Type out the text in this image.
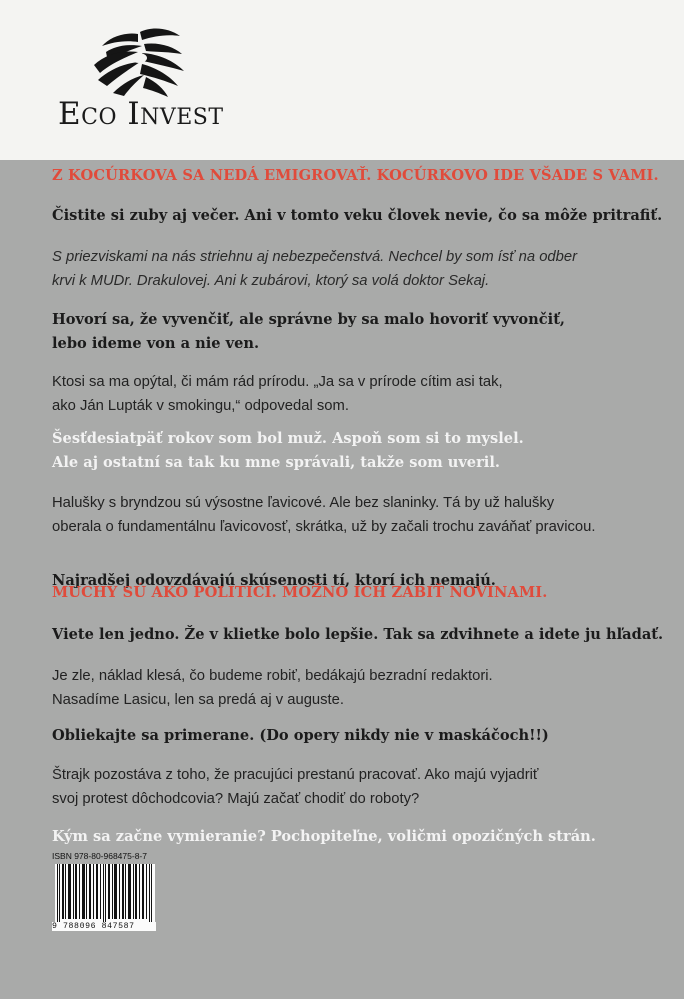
Eco Invest

Z KOCÚRKOVA SA NEDÁ EMIGROVAŤ. KOCÚRKOVO IDE VŠADE S VAMI.

Čistite si zuby aj večer. Ani v tomto veku človek nevie, čo sa môže pritrafiť.

S priezviskami na nás striehnu aj nebezpečenstvá. Nechcel by som ísť na odber
krvi k MUDr. Drakulovej. Ani k zubárovi, ktorý sa volá doktor Sekaj.

Hovorí sa, že vyvenčiť, ale správne by sa malo hovoriť vyvončiť,
lebo ideme von a nie ven.

Ktosi sa ma opýtal, či mám rád prírodu. „Ja sa v prírode cítim asi tak,
ako Ján Lupták v smokingu,“ odpovedal som.

Šesťdesiatpäť rokov som bol muž. Aspoň som si to myslel.
Ale aj ostatní sa tak ku mne správali, takže som uveril.

Halušky s bryndzou sú výsostne ľavicové. Ale bez slaninky. Tá by už halušky
oberala o fundamentálnu ľavicovosť, skrátka, už by začali trochu zaváňať pravicou.

Najradšej odovzdávajú skúsenosti tí, ktorí ich nemajú.

MUCHY SÚ AKO POLITICI. MOŽNO ICH ZABIŤ NOVINAMI.

Viete len jedno. Že v klietke bolo lepšie. Tak sa zdvihnete a idete ju hľadať.

Je zle, náklad klesá, čo budeme robiť, bedákajú bezradní redaktori.
Nasadíme Lasicu, len sa predá aj v auguste.

Obliekajte sa primerane. (Do opery nikdy nie v maskáčoch!!)

Štrajk pozostáva z toho, že pracujúci prestanú pracovať. Ako majú vyjadriť
svoj protest dôchodcovia? Majú začať chodiť do roboty?

Kým sa začne vymieranie? Pochopiteľne, voličmi opozičných strán.

ISBN 978-80-968475-8-7
9 788096 847587
